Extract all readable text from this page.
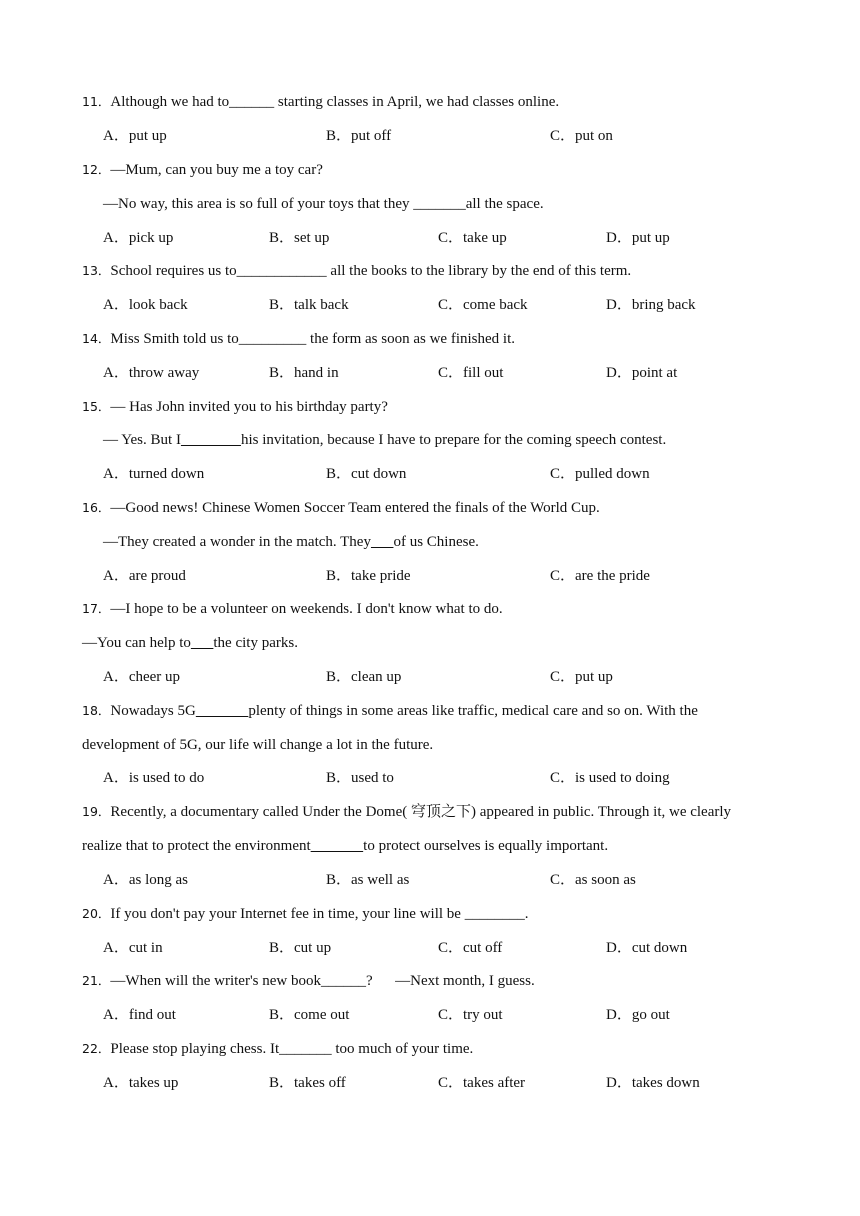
11．Although we had to______ starting classes in April, we had classes online.
A．put up	B．put off	C．put on
12．—Mum, can you buy me a toy car?
—No way, this area is so full of your toys that they _______all the space.
A．pick up	B．set up	C．take up	D．put up
13．School requires us to____________ all the books to the library by the end of this term.
A．look back	B．talk back	C．come back	D．bring back
14．Miss Smith told us to_________ the form as soon as we finished it.
A．throw away	B．hand in	C．fill out	D．point at
15．— Has John invited you to his birthday party?
— Yes. But I        	his invitation, because I have to prepare for the coming speech contest.
A．turned down	B．cut down	C．pulled down
16．—Good news! Chinese Women Soccer Team entered the finals of the World Cup.
—They created a wonder in the match. They    of us Chinese.
A．are proud	B．take pride	C．are the pride
17．—I hope to be a volunteer on weekends. I don't know what to do.
—You can help to    the city parks.
A．cheer up	B．clean up	C．put up
18．Nowadays 5G       	plenty of things in some areas like traffic, medical care and so on. With the
development of 5G, our life will change a lot in the future.
A．is used to do	B．used to	C．is used to doing
19．Recently, a documentary called Under the Dome( 穹顶之下) appeared in public. Through it, we clearly
realize that to protect the environment       	to protect ourselves is equally important.
A．as long as	B．as well as	C．as soon as
20．If you don't pay your Internet fee in time, your line will be ________.
A．cut in	B．cut up	C．cut off	D．cut down
21．—When will the writer's new book______?      —Next month, I guess.
A．find out	B．come out	C．try out	D．go out
22．Please stop playing chess. It_______ too much of your time.
A．takes up	B．takes off	C．takes after	D．takes down
